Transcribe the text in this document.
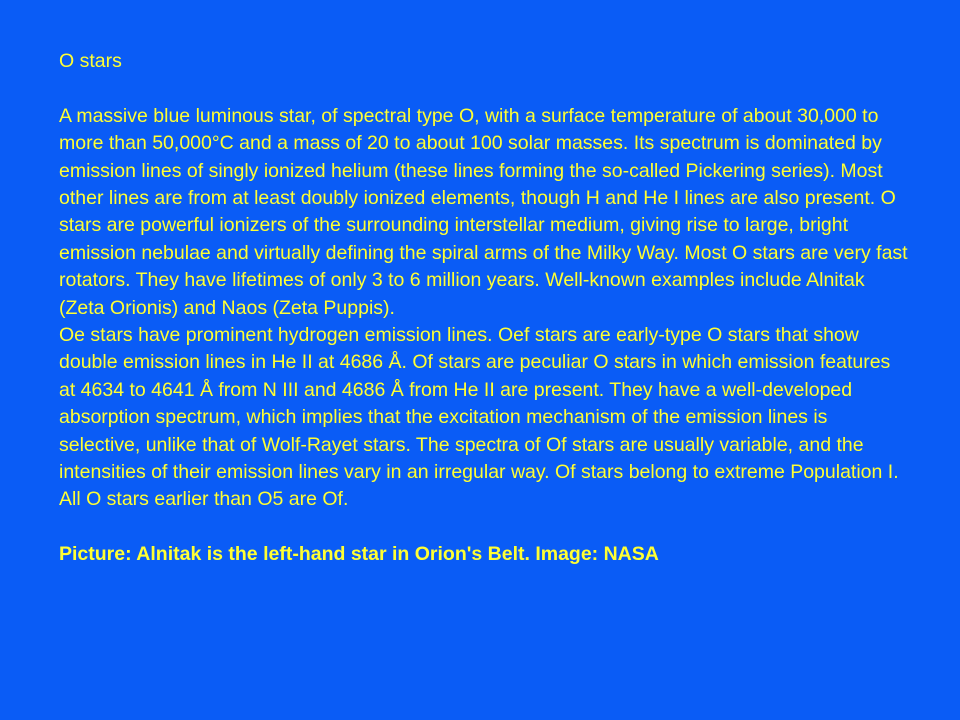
O stars

A massive blue luminous star, of spectral type O, with a surface temperature of about 30,000 to more than 50,000°C and a mass of 20 to about 100 solar masses. Its spectrum is dominated by emission lines of singly ionized helium (these lines forming the so-called Pickering series). Most other lines are from at least doubly ionized elements, though H and He I lines are also present. O stars are powerful ionizers of the surrounding interstellar medium, giving rise to large, bright emission nebulae and virtually defining the spiral arms of the Milky Way. Most O stars are very fast rotators. They have lifetimes of only 3 to 6 million years. Well-known examples include Alnitak (Zeta Orionis) and Naos (Zeta Puppis).

Oe stars have prominent hydrogen emission lines. Oef stars are early-type O stars that show double emission lines in He II at 4686 Å. Of stars are peculiar O stars in which emission features at 4634 to 4641 Å from N III and 4686 Å from He II are present. They have a well-developed absorption spectrum, which implies that the excitation mechanism of the emission lines is selective, unlike that of Wolf-Rayet stars. The spectra of Of stars are usually variable, and the intensities of their emission lines vary in an irregular way. Of stars belong to extreme Population I. All O stars earlier than O5 are Of.

Picture: Alnitak is the left-hand star in Orion's Belt. Image: NASA
